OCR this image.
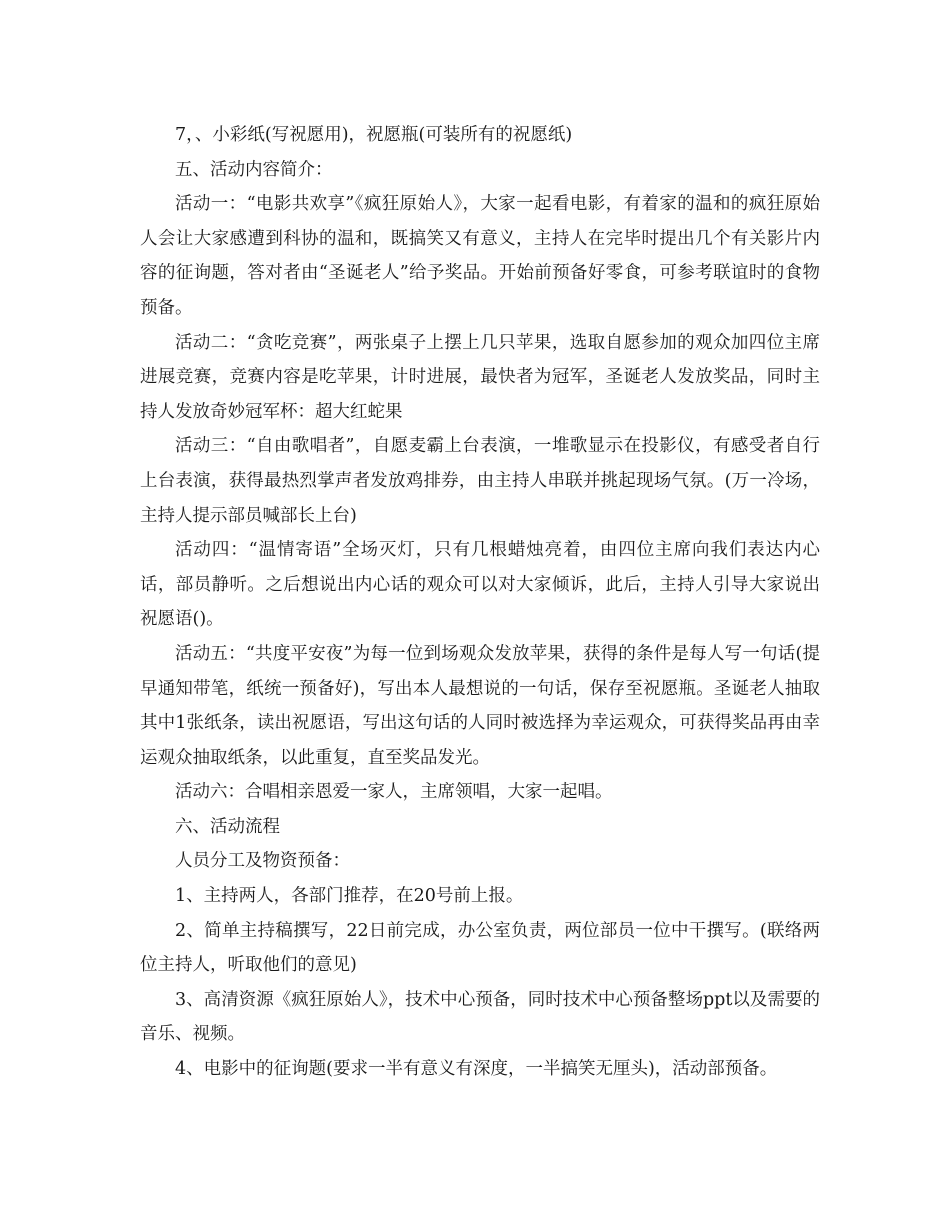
7，、小彩纸(写祝愿用)，祝愿瓶(可装所有的祝愿纸)

五、活动内容简介：

活动一：“电影共欢享”《疯狂原始人》，大家一起看电影，有着家的温和的疯狂原始人会让大家感遭到科协的温和，既搞笑又有意义，主持人在完毕时提出几个有关影片内容的征询题，答对者由“圣诞老人”给予奖品。开始前预备好零食，可参考联谊时的食物预备。

活动二：“贪吃竞赛”，两张桌子上摆上几只苹果，选取自愿参加的观众加四位主席进展竞赛，竞赛内容是吃苹果，计时进展，最快者为冠军，圣诞老人发放奖品，同时主持人发放奇妙冠军杯：超大红蛇果

活动三：“自由歌唱者”，自愿麦霸上台表演，一堆歌显示在投影仪，有感受者自行上台表演，获得最热烈掌声者发放鸡排券，由主持人串联并挑起现场气氛。(万一冷场，主持人提示部员喊部长上台)

活动四：“温情寄语”全场灭灯，只有几根蜡烛亮着，由四位主席向我们表达内心话，部员静听。之后想说出内心话的观众可以对大家倾诉，此后，主持人引导大家说出祝愿语()。

活动五：“共度平安夜”为每一位到场观众发放苹果，获得的条件是每人写一句话(提早通知带笔，纸统一预备好)，写出本人最想说的一句话，保存至祝愿瓶。圣诞老人抽取其中1张纸条，读出祝愿语，写出这句话的人同时被选择为幸运观众，可获得奖品再由幸运观众抽取纸条，以此重复，直至奖品发光。

活动六：合唱相亲恩爱一家人，主席领唱，大家一起唱。

六、活动流程

人员分工及物资预备：

1、主持两人，各部门推荐，在20号前上报。

2、简单主持稿撰写，22日前完成，办公室负责，两位部员一位中干撰写。(联络两位主持人，听取他们的意见)

3、高清资源《疯狂原始人》，技术中心预备，同时技术中心预备整场ppt以及需要的音乐、视频。

4、电影中的征询题(要求一半有意义有深度，一半搞笑无厘头)，活动部预备。
